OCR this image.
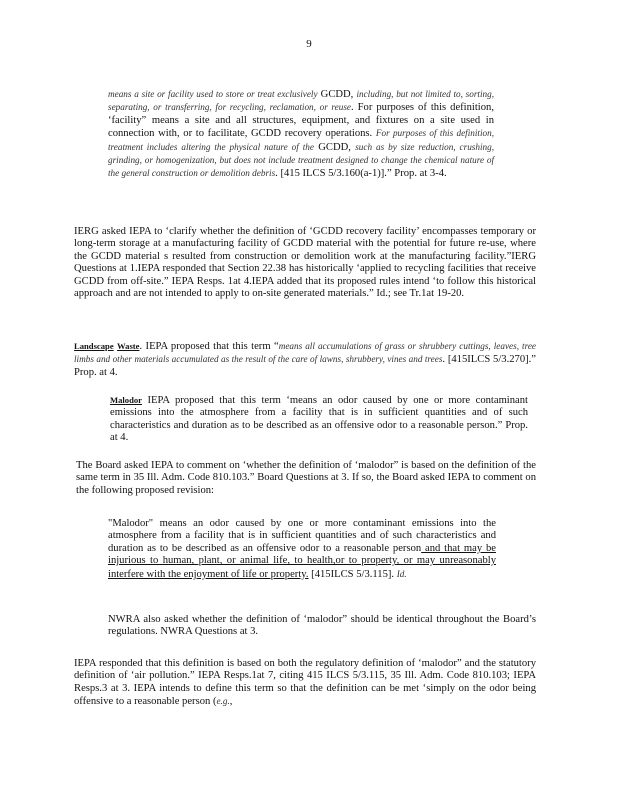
9
means a site or facility used to store or treat exclusively GCDD, including, but not limited to, sorting, separating, or transferring, for recycling, reclamation, or reuse. For purposes of this definition, ‘facility” means a site and all structures, equipment, and fixtures on a site used in connection with, or to facilitate, GCDD recovery operations. For purposes of this definition, treatment includes altering the physical nature of the GCDD, such as by size reduction, crushing, grinding, or homogenization, but does not include treatment designed to change the chemical nature of the general construction or demolition debris. [415 ILCS 5/3.160(a-1)].” Prop. at 3-4.
IERG asked IEPA to ‘clarify whether the definition of ‘GCDD recovery facility’ encompasses temporary or long-term storage at a manufacturing facility of GCDD material with the potential for future re-use, where the GCDD material s resulted from construction or demolition work at the manufacturing facility.”IERG Questions at 1.IEPA responded that Section 22.38 has historically ‘applied to recycling facilities that receive GCDD from off-site.” IEPA Resps. 1at 4.IEPA added that its proposed rules intend ‘to follow this historical approach and are not intended to apply to on-site generated materials.” Id.; see Tr.1at 19-20.
Landscape Waste. IEPA proposed that this term “means all accumulations of grass or shrubbery cuttings, leaves, tree limbs and other materials accumulated as the result of the care of lawns, shrubbery, vines and trees. [415ILCS 5/3.270].” Prop. at 4.
Malodor IEPA proposed that this term ‘means an odor caused by one or more contaminant emissions into the atmosphere from a facility that is in sufficient quantities and of such characteristics and duration as to be described as an offensive odor to a reasonable person.” Prop. at 4.
The Board asked IEPA to comment on ‘whether the definition of ‘malodor” is based on the definition of the same term in 35 Ill. Adm. Code 810.103.” Board Questions at 3. If so, the Board asked IEPA to comment on the following proposed revision:
"Malodor" means an odor caused by one or more contaminant emissions into the atmosphere from a facility that is in sufficient quantities and of such characteristics and duration as to be described as an offensive odor to a reasonable person and that may be injurious to human, plant, or animal life, to health,or to property, or may unreasonably interfere with the enjoyment of life or property. [415ILCS 5/3.115]. Id.
NWRA also asked whether the definition of ‘malodor” should be identical throughout the Board’s regulations. NWRA Questions at 3.
IEPA responded that this definition is based on both the regulatory definition of ‘malodor” and the statutory definition of ‘air pollution.” IEPA Resps.1at 7, citing 415 ILCS 5/3.115, 35 Ill. Adm. Code 810.103; IEPA Resps.3 at 3. IEPA intends to define this term so that the definition can be met ‘simply on the odor being offensive to a reasonable person (e.g.,
